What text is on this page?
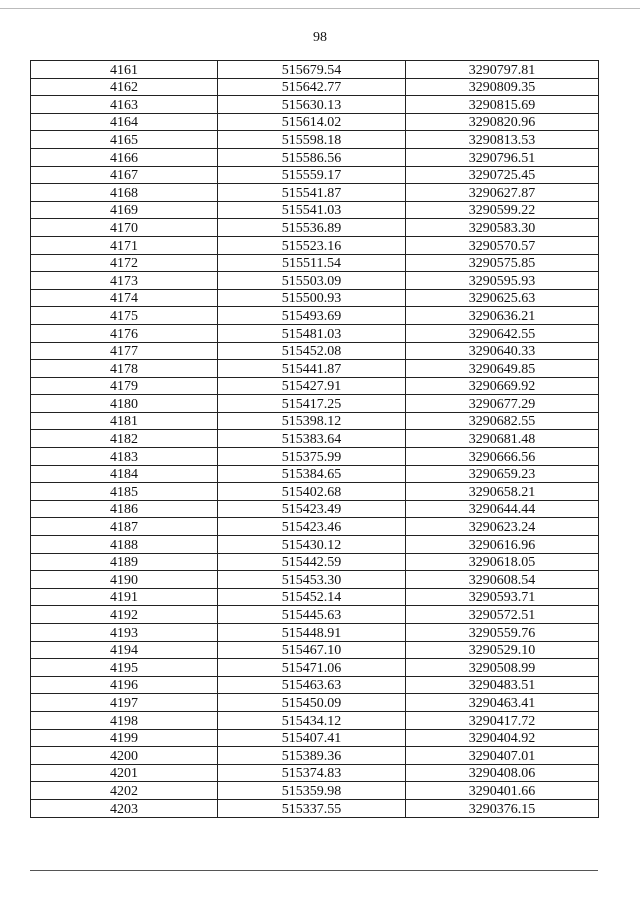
98
4161	515679.54	3290797.81
4162	515642.77	3290809.35
4163	515630.13	3290815.69
4164	515614.02	3290820.96
4165	515598.18	3290813.53
4166	515586.56	3290796.51
4167	515559.17	3290725.45
4168	515541.87	3290627.87
4169	515541.03	3290599.22
4170	515536.89	3290583.30
4171	515523.16	3290570.57
4172	515511.54	3290575.85
4173	515503.09	3290595.93
4174	515500.93	3290625.63
4175	515493.69	3290636.21
4176	515481.03	3290642.55
4177	515452.08	3290640.33
4178	515441.87	3290649.85
4179	515427.91	3290669.92
4180	515417.25	3290677.29
4181	515398.12	3290682.55
4182	515383.64	3290681.48
4183	515375.99	3290666.56
4184	515384.65	3290659.23
4185	515402.68	3290658.21
4186	515423.49	3290644.44
4187	515423.46	3290623.24
4188	515430.12	3290616.96
4189	515442.59	3290618.05
4190	515453.30	3290608.54
4191	515452.14	3290593.71
4192	515445.63	3290572.51
4193	515448.91	3290559.76
4194	515467.10	3290529.10
4195	515471.06	3290508.99
4196	515463.63	3290483.51
4197	515450.09	3290463.41
4198	515434.12	3290417.72
4199	515407.41	3290404.92
4200	515389.36	3290407.01
4201	515374.83	3290408.06
4202	515359.98	3290401.66
4203	515337.55	3290376.15
